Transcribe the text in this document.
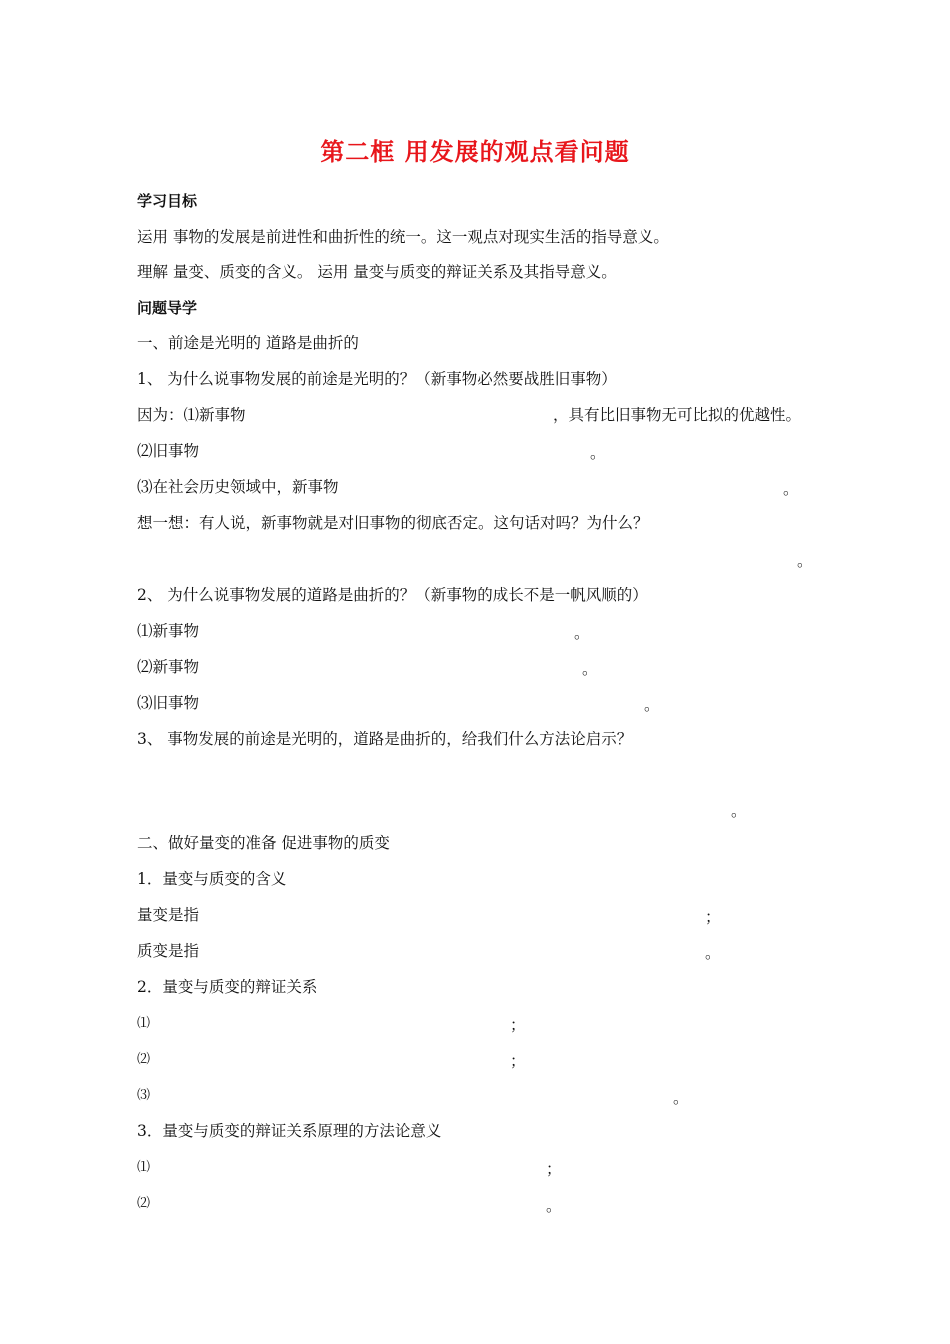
第二框 用发展的观点看问题
学习目标
运用 事物的发展是前进性和曲折性的统一。这一观点对现实生活的指导意义。
理解 量变、质变的含义。 运用 量变与质变的辩证关系及其指导意义。
问题导学
一、前途是光明的 道路是曲折的
1、 为什么说事物发展的前途是光明的？（新事物必然要战胜旧事物）
因为：⑴新事物	，具有比旧事物无可比拟的优越性。
⑵旧事物	。
⑶在社会历史领域中，新事物	。
想一想：有人说，新事物就是对旧事物的彻底否定。这句话对吗？为什么？
。
2、 为什么说事物发展的道路是曲折的？（新事物的成长不是一帆风顺的）
⑴新事物	。
⑵新事物	。
⑶旧事物	。
3、 事物发展的前途是光明的，道路是曲折的，给我们什么方法论启示？
。
二、做好量变的准备 促进事物的质变
1．量变与质变的含义
量变是指	；
质变是指	。
2．量变与质变的辩证关系
⑴	；
⑵	；
⑶	。
3．量变与质变的辩证关系原理的方法论意义
⑴	；
⑵	。
